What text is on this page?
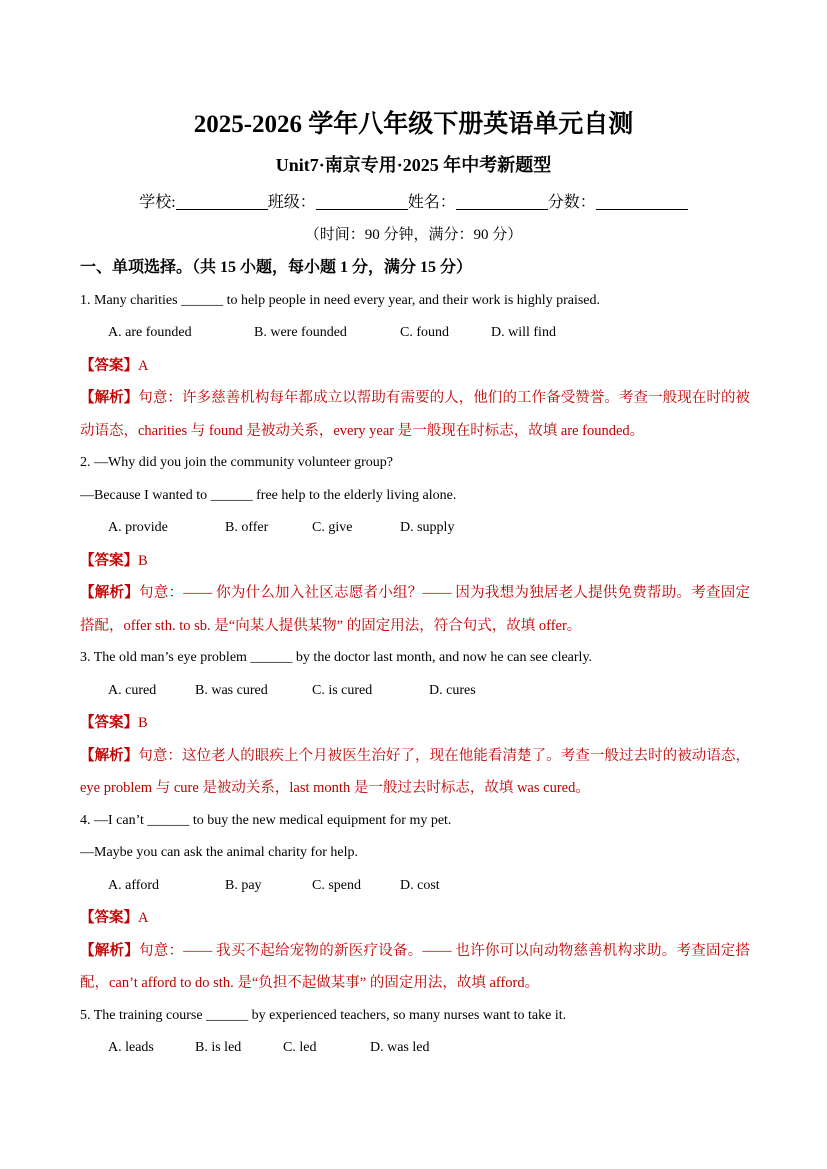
2025-2026 学年八年级下册英语单元自测
Unit7·南京专用·2025 年中考新题型
学校:	班级：	姓名：	分数：
（时间：90 分钟，满分：90 分）

一、单项选择。（共 15 小题，每小题 1 分，满分 15 分）

1. Many charities ______ to help people in need every year, and their work is highly praised.

A. are founded	B. were founded	C. found	D. will find

【答案】A

【解析】句意：许多慈善机构每年都成立以帮助有需要的人，他们的工作备受赞誉。考查一般现在时的被动语态，charities 与 found 是被动关系，every year 是一般现在时标志，故填 are founded。

2. —Why did you join the community volunteer group?

—Because I wanted to ______ free help to the elderly living alone.

A. provide	B. offer	C. give	D. supply

【答案】B

【解析】句意：—— 你为什么加入社区志愿者小组？—— 因为我想为独居老人提供免费帮助。考查固定搭配，offer sth. to sb. 是“向某人提供某物” 的固定用法，符合句式，故填 offer。

3. The old man’s eye problem ______ by the doctor last month, and now he can see clearly.

A. cured	B. was cured	C. is cured	D. cures

【答案】B

【解析】句意：这位老人的眼疾上个月被医生治好了，现在他能看清楚了。考查一般过去时的被动语态，eye problem 与 cure 是被动关系，last month 是一般过去时标志，故填 was cured。

4. —I can’t ______ to buy the new medical equipment for my pet.

—Maybe you can ask the animal charity for help.

A. afford	B. pay	C. spend	D. cost

【答案】A

【解析】句意：—— 我买不起给宠物的新医疗设备。—— 也许你可以向动物慈善机构求助。考查固定搭配，can’t afford to do sth. 是“负担不起做某事” 的固定用法，故填 afford。

5. The training course ______ by experienced teachers, so many nurses want to take it.

A. leads	B. is led	C. led	D. was led
